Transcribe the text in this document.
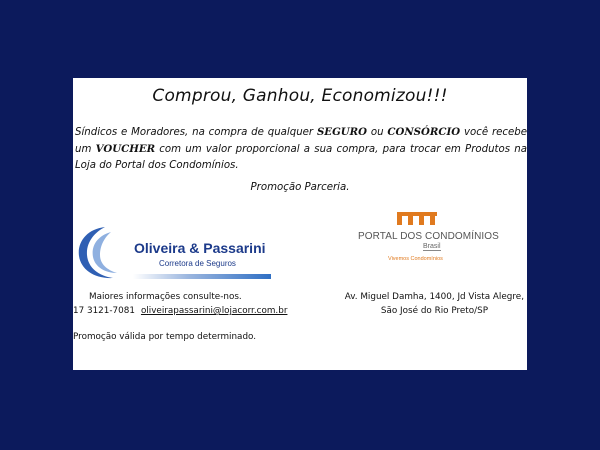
Comprou, Ganhou, Economizou!!!
Síndicos e Moradores, na compra de qualquer SEGURO ou CONSÓRCIO você recebe um VOUCHER com um valor proporcional a sua compra, para trocar em Produtos na Loja do Portal dos Condomínios.
Promoção Parceria.
Oliveira & Passarini
Corretora de Seguros
PORTAL DOS CONDOMÍNIOS
Brasil
Vivemos Condomínios
Maiores informações consulte-nos.
17 3121-7081 oliveirapassarini@lojacorr.com.br
Av. Miguel Damha, 1400, Jd Vista Alegre,
São José do Rio Preto/SP
Promoção válida por tempo determinado.
